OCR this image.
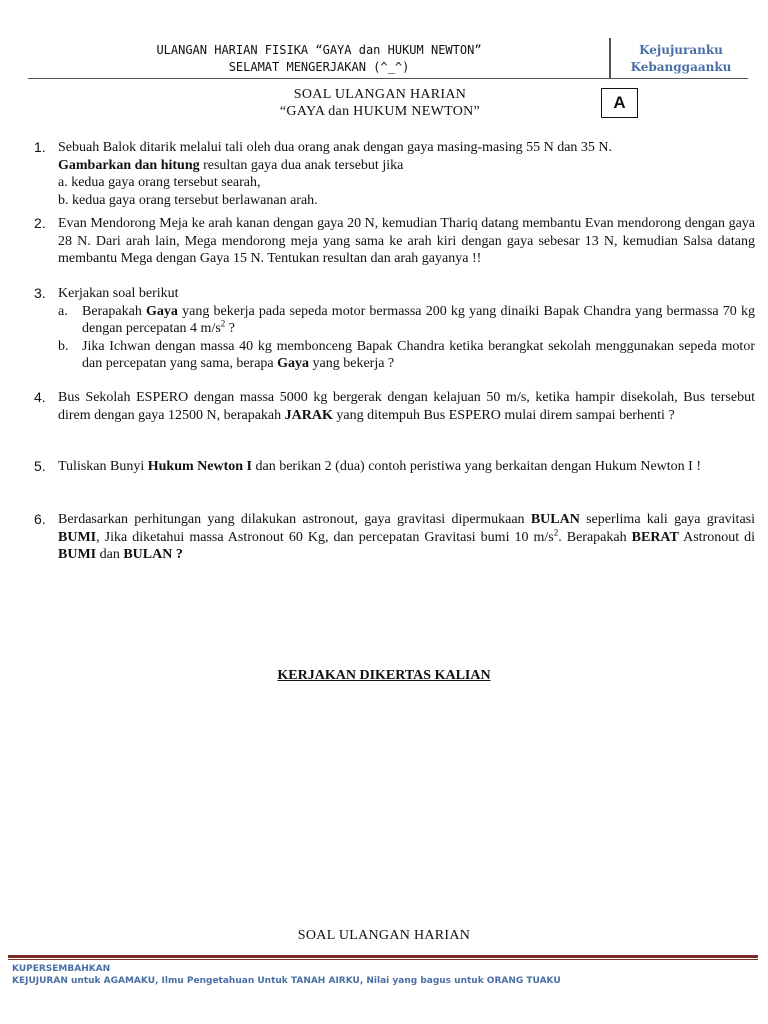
ULANGAN HARIAN FISIKA “GAYA dan HUKUM NEWTON”
SELAMAT MENGERJAKAN (^_^)
Kejujuranku
Kebanggaanku
SOAL ULANGAN HARIAN
“GAYA dan HUKUM NEWTON”	A
1. Sebuah Balok ditarik melalui tali oleh dua orang anak dengan gaya masing-masing 55 N dan 35 N.
Gambarkan dan hitung resultan gaya dua anak tersebut jika
a. kedua gaya orang tersebut searah,
b. kedua gaya orang tersebut berlawanan arah.
2. Evan Mendorong Meja ke arah kanan dengan gaya 20 N, kemudian Thariq datang membantu Evan mendorong dengan gaya 28 N. Dari arah lain, Mega mendorong meja yang sama ke arah kiri dengan gaya sebesar 13 N, kemudian Salsa datang membantu Mega dengan Gaya 15 N. Tentukan resultan dan arah gayanya !!
3. Kerjakan soal berikut
a. Berapakah Gaya yang bekerja pada sepeda motor bermassa 200 kg yang dinaiki Bapak Chandra yang bermassa 70 kg dengan percepatan 4 $m/s^2$ ?
b. Jika Ichwan dengan massa 40 kg membonceng Bapak Chandra ketika berangkat sekolah menggunakan sepeda motor dan percepatan yang sama, berapa Gaya yang bekerja ?
4. Bus Sekolah ESPERO dengan massa 5000 kg bergerak dengan kelajuan 50 m/s, ketika hampir disekolah, Bus tersebut direm dengan gaya 12500 N, berapakah JARAK yang ditempuh Bus ESPERO mulai direm sampai berhenti ?
5. Tuliskan Bunyi Hukum Newton I dan berikan 2 (dua) contoh peristiwa yang berkaitan dengan Hukum Newton I !
6. Berdasarkan perhitungan yang dilakukan astronout, gaya gravitasi dipermukaan BULAN seperlima kali gaya gravitasi BUMI, Jika diketahui massa Astronout 60 Kg, dan percepatan Gravitasi bumi 10 $m/s^2$. Berapakah BERAT Astronout di BUMI dan BULAN ?
KERJAKAN DIKERTAS KALIAN
SOAL ULANGAN HARIAN
KUPERSEMBAHKAN
KEJUJURAN untuk AGAMAKU, Ilmu Pengetahuan Untuk TANAH AIRKU, Nilai yang bagus untuk ORANG TUAKU
